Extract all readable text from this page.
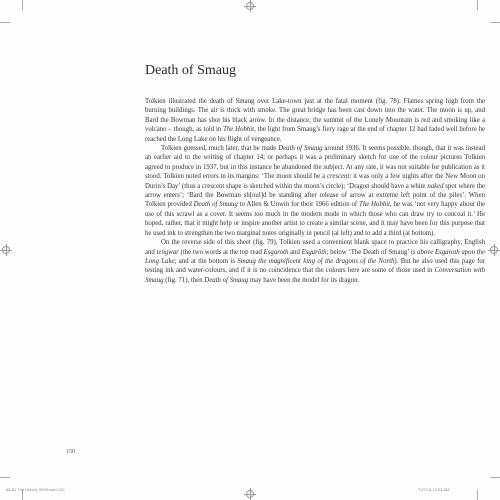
Death of Smaug

Tolkien illustrated the death of Smaug over Lake-town just at the fatal moment (fig. 78). Flames spring high from the burning buildings. The air is thick with smoke. The great bridge has been cast down into the water. The moon is up, and Bard the Bowman has shot his black arrow. In the distance, the summit of the Lonely Mountain is red and smoking like a volcano – though, as told in The Hobbit, the light from Smaug’s fiery rage at the end of chapter 12 had faded well before he reached the Long Lake on his flight of vengeance.

Tolkien guessed, much later, that he made Death of Smaug around 1936. It seems possible, though, that it was instead an earlier aid to the writing of chapter 14; or perhaps it was a preliminary sketch for one of the colour pictures Tolkien agreed to produce in 1937, but in this instance he abandoned the subject. At any rate, it was not suitable for publication as it stood. Tolkien noted errors in its margins: ‘The moon should be a crescent: it was only a few nights after the New Moon on Durin’s Day’ (thus a crescent shape is sketched within the moon’s circle); ‘Dragon should have a white naked spot where the arrow enters’; ‘Bard the Bowman sh[oul]d be standing after release of arrow at extreme left point of the piles’. When Tolkien provided Death of Smaug to Allen & Unwin for their 1966 edition of The Hobbit, he was ‘not very happy about the use of this scrawl as a cover. It seems too much in the modern mode in which those who can draw try to conceal it.’ He hoped, rather, that it might help or inspire another artist to create a similar scene, and it may have been for this purpose that he used ink to strengthen the two marginal notes originally in pencil (at left) and to add a third (at bottom).

On the reverse side of this sheet (fig. 79), Tolkien used a convenient blank space to practice his calligraphy, English and tengwar (the two words at the top read Esgaroth and Esgarōth; below ‘The Death of Smaug’ is above Esgaroth upon the Long Lake; and at the bottom is Smaug the magnificent king of the dragons of the North). But he also used this page for testing ink and water-colours, and if it is no coincidence that the colours here are some of those used in Conversation with Smaug (fig. 71), then Death of Smaug may have been the model for its dragon.

150
66-81 The Hobbit_9990.indd 150	7/27/18 12:03 AM
